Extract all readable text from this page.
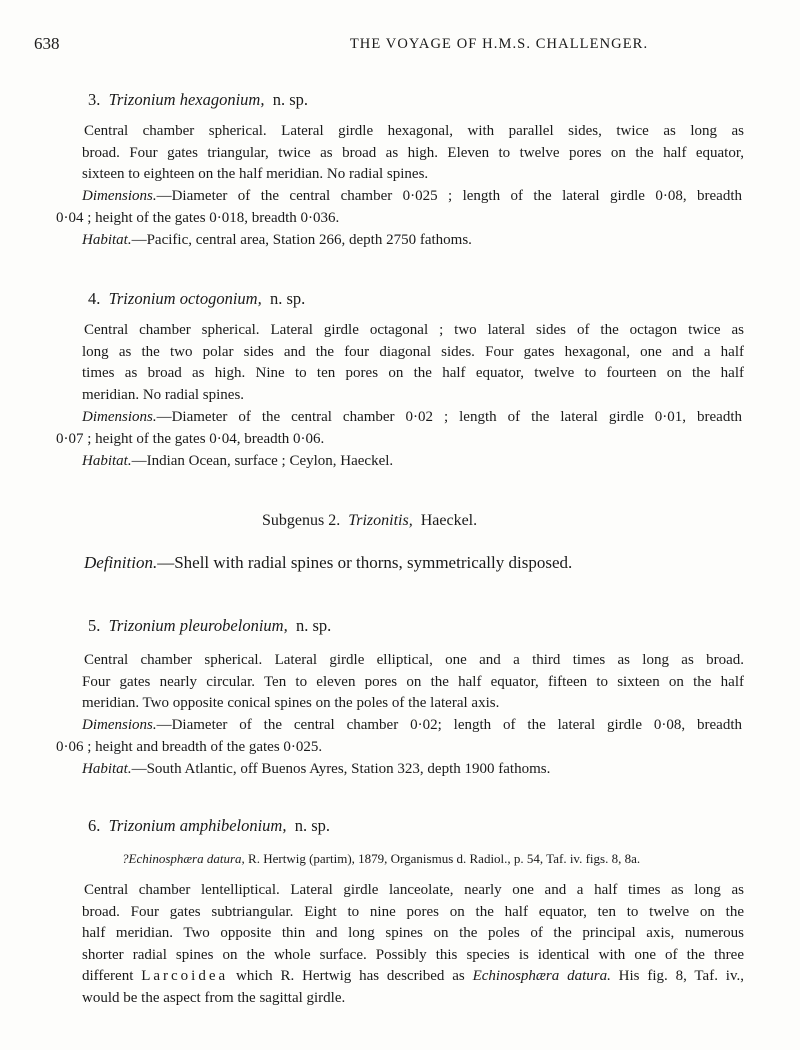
638	THE VOYAGE OF H.M.S. CHALLENGER.
3. Trizonium hexagonium, n. sp.
Central chamber spherical. Lateral girdle hexagonal, with parallel sides, twice as long as
broad. Four gates triangular, twice as broad as high. Eleven to twelve pores on the half equator,
sixteen to eighteen on the half meridian. No radial spines.
Dimensions.—Diameter of the central chamber 0·025 ; length of the lateral girdle 0·08, breadth
0·04 ; height of the gates 0·018, breadth 0·036.
Habitat.—Pacific, central area, Station 266, depth 2750 fathoms.
4. Trizonium octogonium, n. sp.
Central chamber spherical. Lateral girdle octagonal ; two lateral sides of the octagon twice as
long as the two polar sides and the four diagonal sides. Four gates hexagonal, one and a half
times as broad as high. Nine to ten pores on the half equator, twelve to fourteen on the half
meridian. No radial spines.
Dimensions.—Diameter of the central chamber 0·02 ; length of the lateral girdle 0·01, breadth
0·07 ; height of the gates 0·04, breadth 0·06.
Habitat.—Indian Ocean, surface ; Ceylon, Haeckel.
Subgenus 2. Trizonitis, Haeckel.
Definition.—Shell with radial spines or thorns, symmetrically disposed.
5. Trizonium pleurobelonium, n. sp.
Central chamber spherical. Lateral girdle elliptical, one and a third times as long as broad.
Four gates nearly circular. Ten to eleven pores on the half equator, fifteen to sixteen on the half
meridian. Two opposite conical spines on the poles of the lateral axis.
Dimensions.—Diameter of the central chamber 0·02; length of the lateral girdle 0·08, breadth
0·06 ; height and breadth of the gates 0·025.
Habitat.—South Atlantic, off Buenos Ayres, Station 323, depth 1900 fathoms.
6. Trizonium amphibelonium, n. sp.
?Echinosphæra datura, R. Hertwig (partim), 1879, Organismus d. Radiol., p. 54, Taf. iv. figs. 8, 8a.
Central chamber lentelliptical. Lateral girdle lanceolate, nearly one and a half times as long as
broad. Four gates subtriangular. Eight to nine pores on the half equator, ten to twelve on the
half meridian. Two opposite thin and long spines on the poles of the principal axis, numerous
shorter radial spines on the whole surface. Possibly this species is identical with one of the three
different Larcoidea which R. Hertwig has described as Echinosphæra datura. His fig. 8, Taf. iv.,
would be the aspect from the sagittal girdle.
